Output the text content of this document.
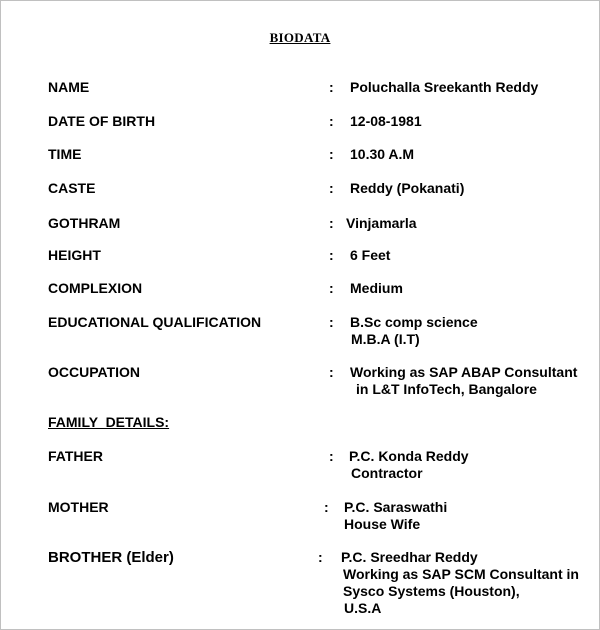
BIODATA
NAME	: Poluchalla Sreekanth Reddy
DATE OF BIRTH	: 12-08-1981
TIME	: 10.30 A.M
CASTE	: Reddy (Pokanati)
GOTHRAM	: Vinjamarla
HEIGHT	: 6 Feet
COMPLEXION	: Medium
EDUCATIONAL QUALIFICATION	: B.Sc comp science
M.B.A (I.T)
OCCUPATION	: Working as SAP ABAP Consultant
in L&T InfoTech, Bangalore
FAMILY  DETAILS:
FATHER	: P.C. Konda Reddy
Contractor
MOTHER	: P.C. Saraswathi
House Wife
BROTHER (Elder)	: P.C. Sreedhar Reddy
Working as SAP SCM Consultant in
Sysco Systems (Houston),
U.S.A
